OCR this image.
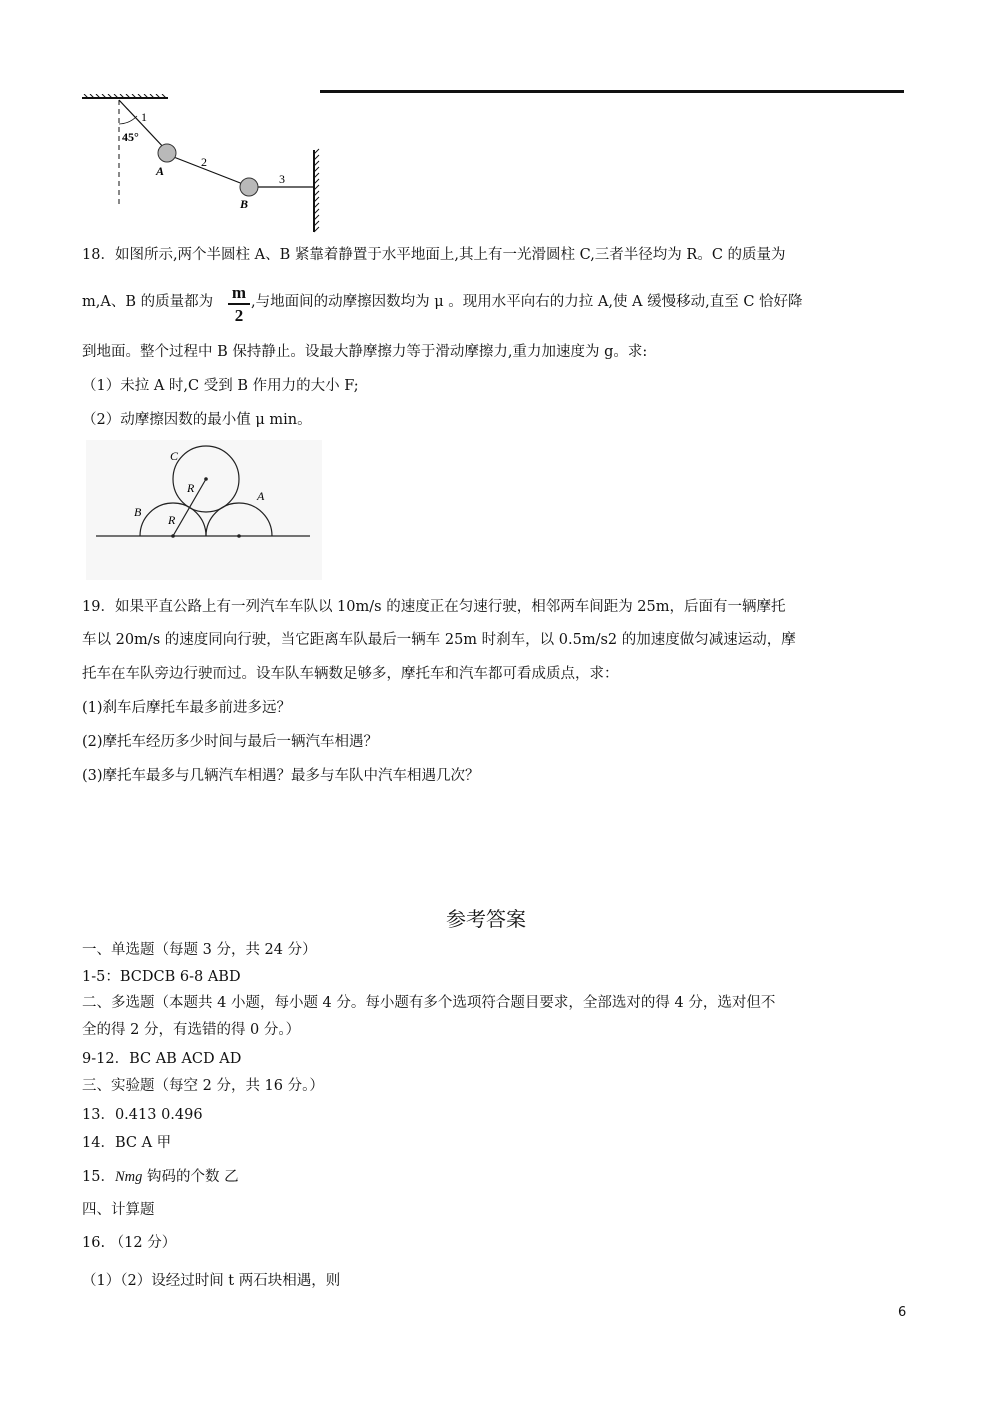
45°
1
2
3
A
B
18．如图所示,两个半圆柱 A、B 紧靠着静置于水平地面上,其上有一光滑圆柱 C,三者半径均为 R。C 的质量为
m,A、B 的质量都为 m
2
,与地面间的动摩擦因数均为 μ 。现用水平向右的力拉 A,使 A 缓慢移动,直至 C 恰好降
到地面。整个过程中 B 保持静止。设最大静摩擦力等于滑动摩擦力,重力加速度为 g。求:
（1）未拉 A 时,C 受到 B 作用力的大小 F;
（2）动摩擦因数的最小值 μ min。
C
R
R
B
A
19．如果平直公路上有一列汽车车队以 10m/s 的速度正在匀速行驶，相邻两车间距为 25m，后面有一辆摩托
车以 20m/s 的速度同向行驶，当它距离车队最后一辆车 25m 时刹车，以 0.5m/s2 的加速度做匀减速运动，摩
托车在车队旁边行驶而过。设车队车辆数足够多，摩托车和汽车都可看成质点，求：
(1)刹车后摩托车最多前进多远？
(2)摩托车经历多少时间与最后一辆汽车相遇？
(3)摩托车最多与几辆汽车相遇？最多与车队中汽车相遇几次？
参考答案
一、单选题（每题 3 分，共 24 分）
1-5：BCDCB 6-8 ABD
二、多选题（本题共 4 小题，每小题 4 分。每小题有多个选项符合题目要求，全部选对的得 4 分，选对但不
全的得 2 分，有选错的得 0 分。）
9-12．BC AB ACD AD
三、实验题（每空 2 分，共 16 分。）
13．0.413 0.496
14．BC A 甲
15．Nmg 钩码的个数 乙
四、计算题
16. （12 分）
（1）（2）设经过时间 t 两石块相遇，则
6
